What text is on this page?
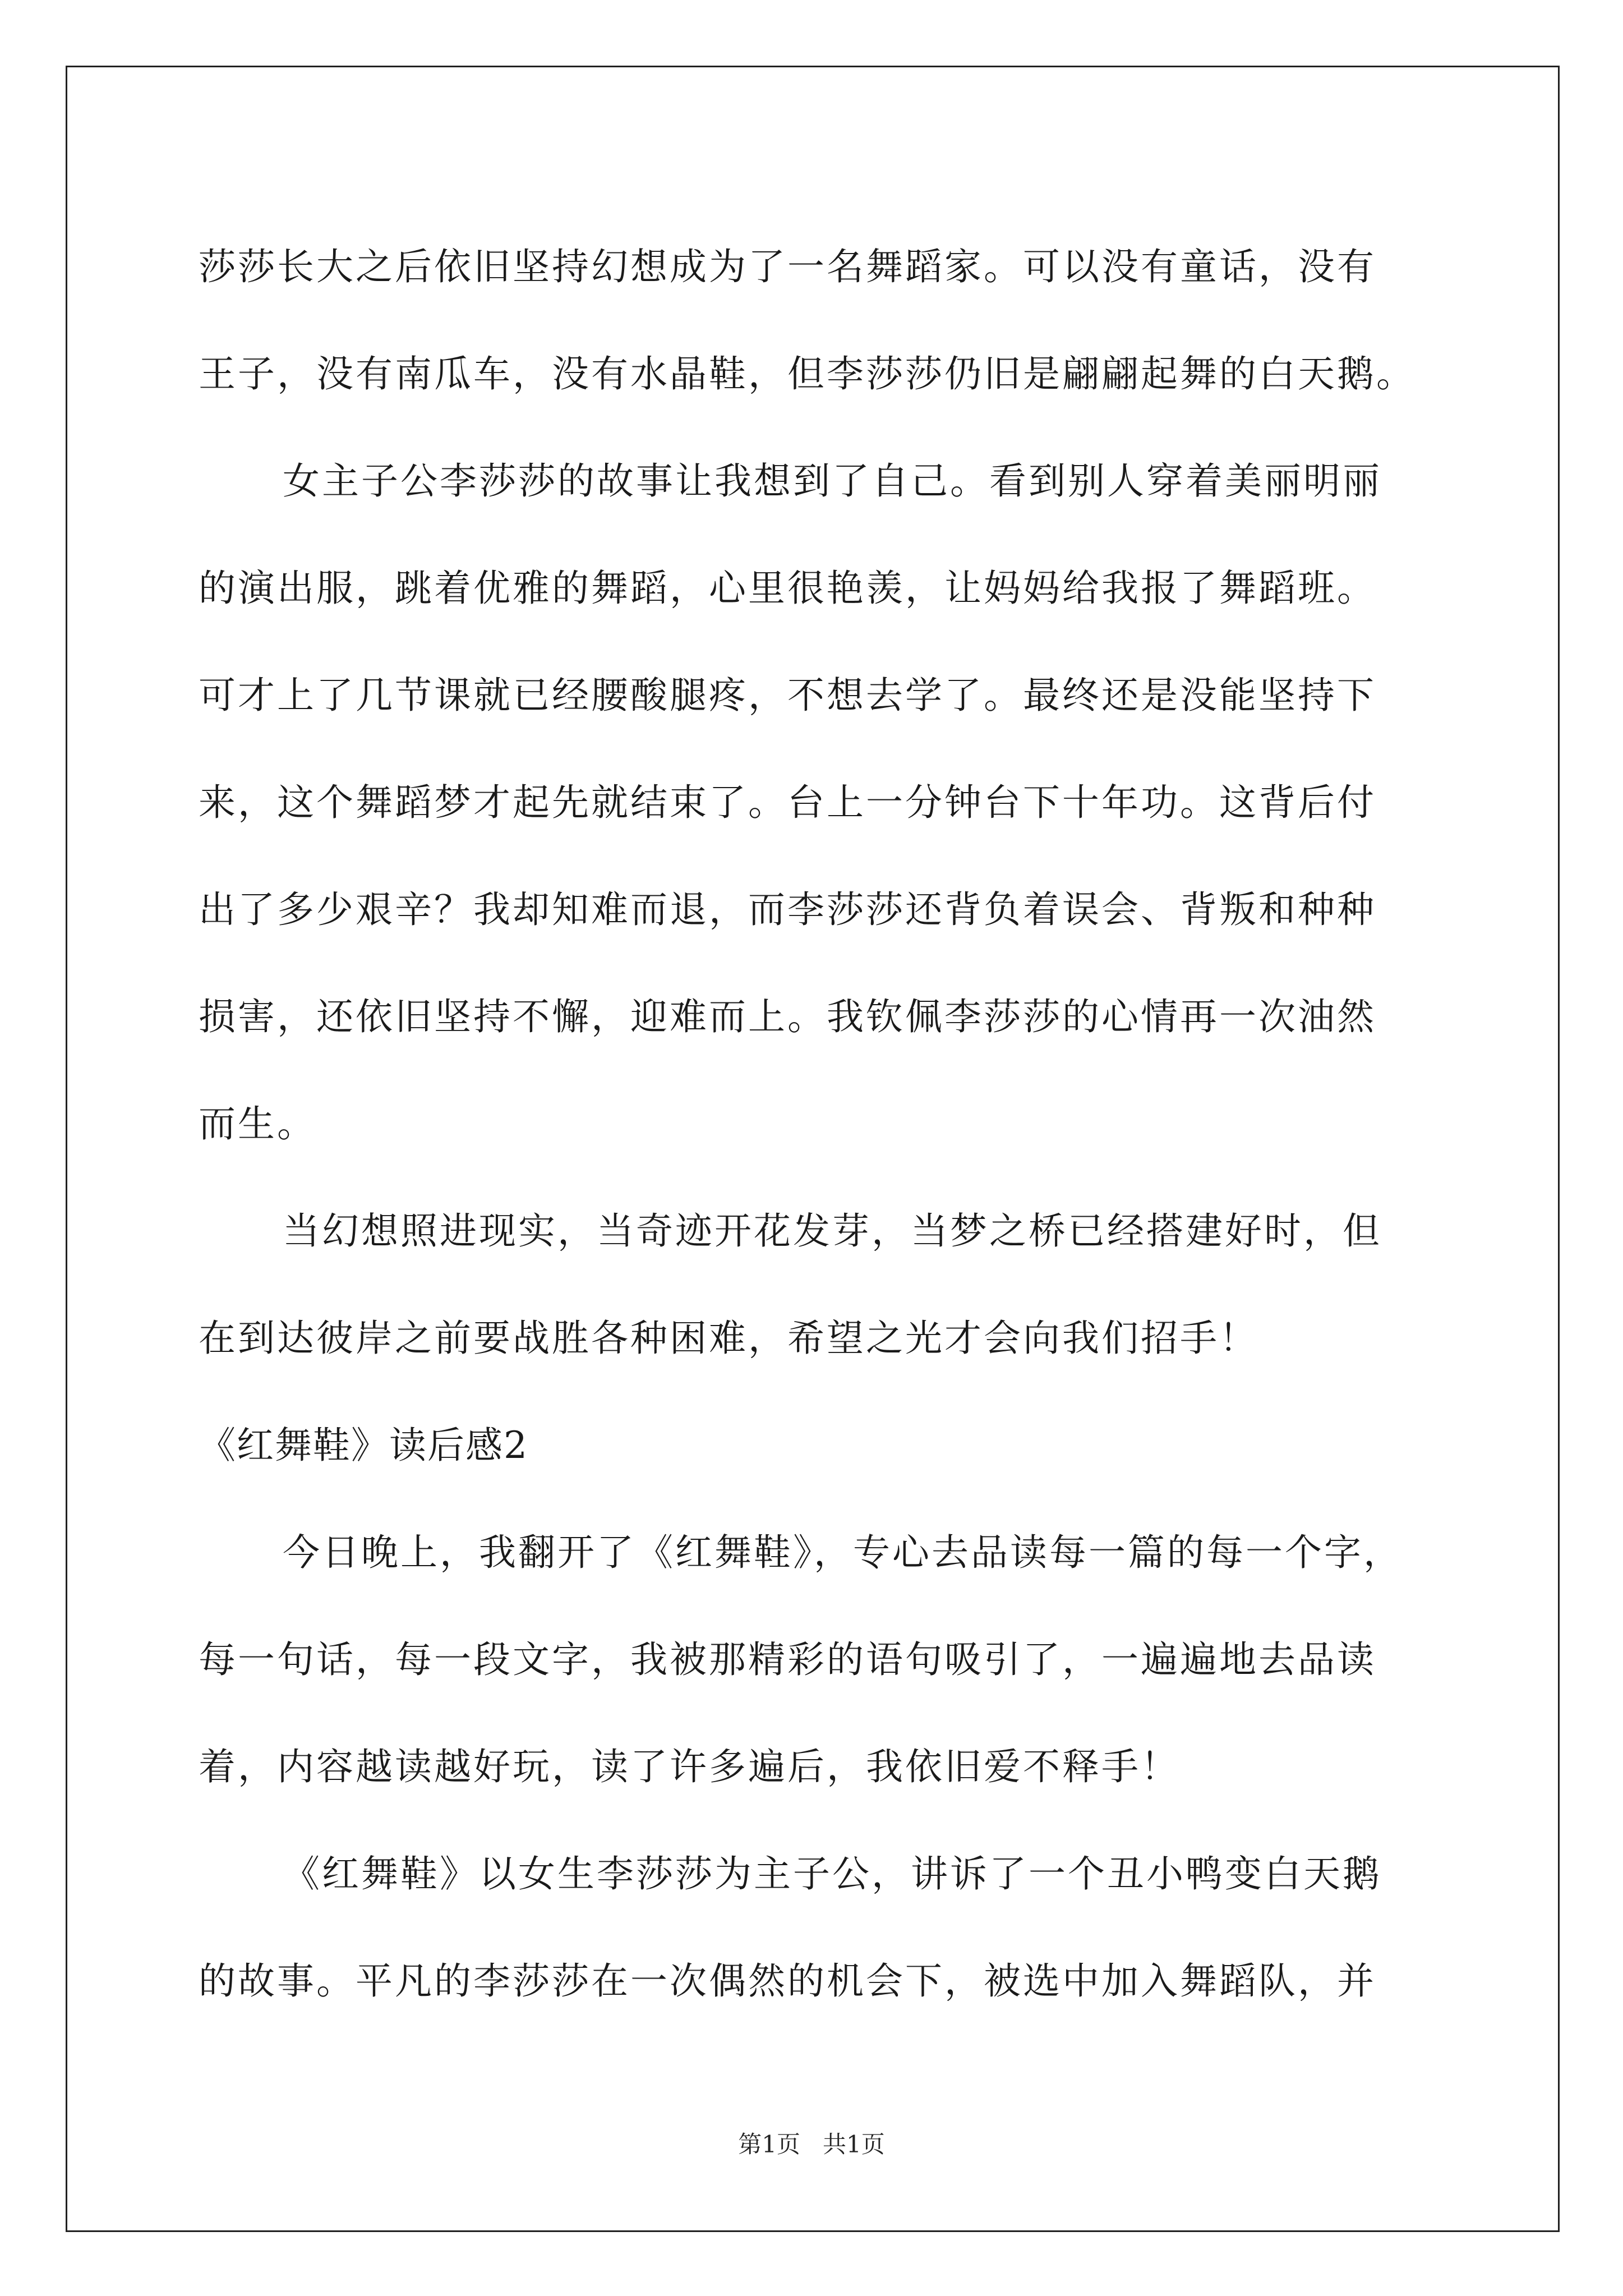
莎莎长大之后依旧坚持幻想成为了一名舞蹈家。可以没有童话，没有
王子，没有南瓜车，没有水晶鞋，但李莎莎仍旧是翩翩起舞的白天鹅。
女主子公李莎莎的故事让我想到了自己。看到别人穿着美丽明丽
的演出服，跳着优雅的舞蹈，心里很艳羡，让妈妈给我报了舞蹈班。
可才上了几节课就已经腰酸腿疼，不想去学了。最终还是没能坚持下
来，这个舞蹈梦才起先就结束了。台上一分钟台下十年功。这背后付
出了多少艰辛？我却知难而退，而李莎莎还背负着误会、背叛和种种
损害，还依旧坚持不懈，迎难而上。我钦佩李莎莎的心情再一次油然
而生。
当幻想照进现实，当奇迹开花发芽，当梦之桥已经搭建好时，但
在到达彼岸之前要战胜各种困难，希望之光才会向我们招手！
《红舞鞋》读后感2
今日晚上，我翻开了《红舞鞋》，专心去品读每一篇的每一个字，
每一句话，每一段文字，我被那精彩的语句吸引了，一遍遍地去品读
着，内容越读越好玩，读了许多遍后，我依旧爱不释手！
《红舞鞋》以女生李莎莎为主子公，讲诉了一个丑小鸭变白天鹅
的故事。平凡的李莎莎在一次偶然的机会下，被选中加入舞蹈队，并
第1页 共1页
